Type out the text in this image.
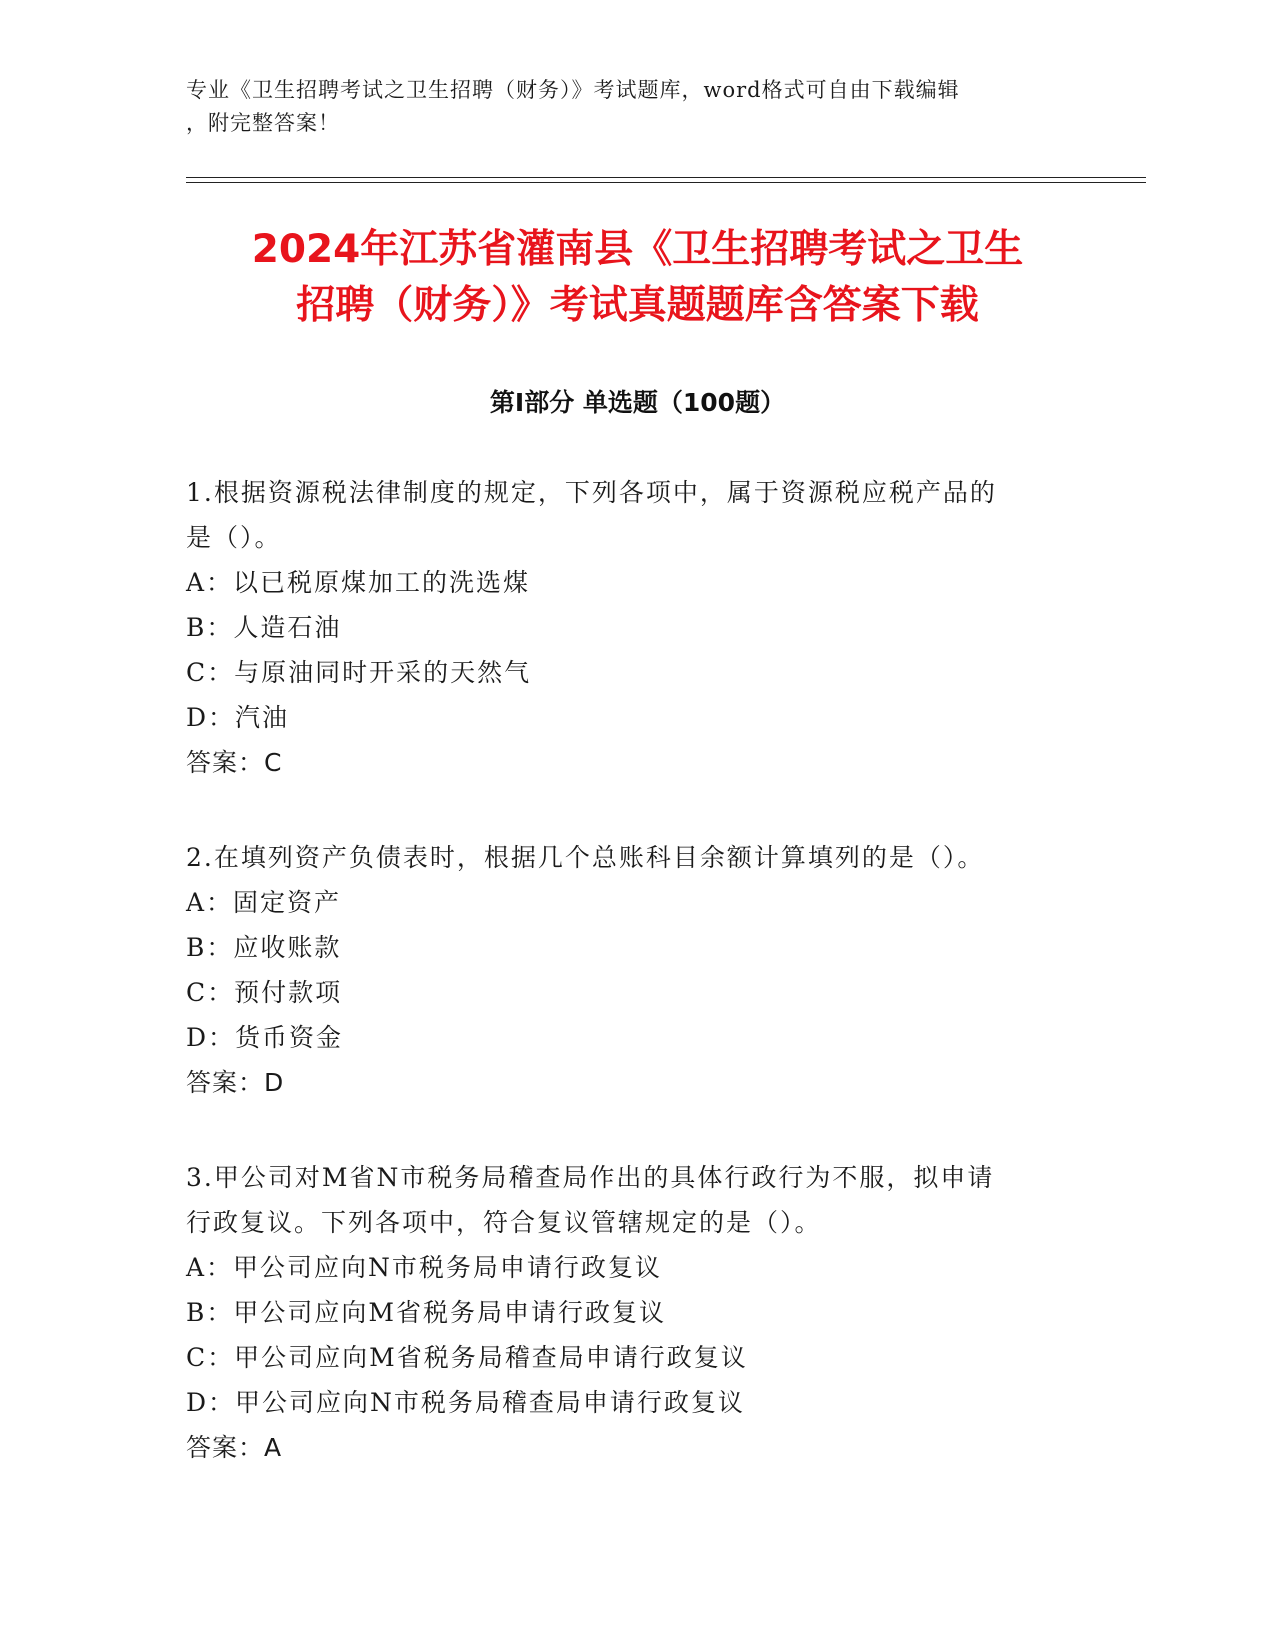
专业《卫生招聘考试之卫生招聘（财务）》考试题库，word格式可自由下载编辑
，附完整答案！
2024年江苏省灌南县《卫生招聘考试之卫生
招聘（财务）》考试真题题库含答案下载
第Ⅰ部分 单选题（100题）
1.根据资源税法律制度的规定，下列各项中，属于资源税应税产品的
是（）。
A：以已税原煤加工的洗选煤
B：人造石油
C：与原油同时开采的天然气
D：汽油
答案：C
2.在填列资产负债表时，根据几个总账科目余额计算填列的是（）。
A：固定资产
B：应收账款
C：预付款项
D：货币资金
答案：D
3.甲公司对M省N市税务局稽查局作出的具体行政行为不服，拟申请
行政复议。下列各项中，符合复议管辖规定的是（）。
A：甲公司应向N市税务局申请行政复议
B：甲公司应向M省税务局申请行政复议
C：甲公司应向M省税务局稽查局申请行政复议
D：甲公司应向N市税务局稽查局申请行政复议
答案：A
